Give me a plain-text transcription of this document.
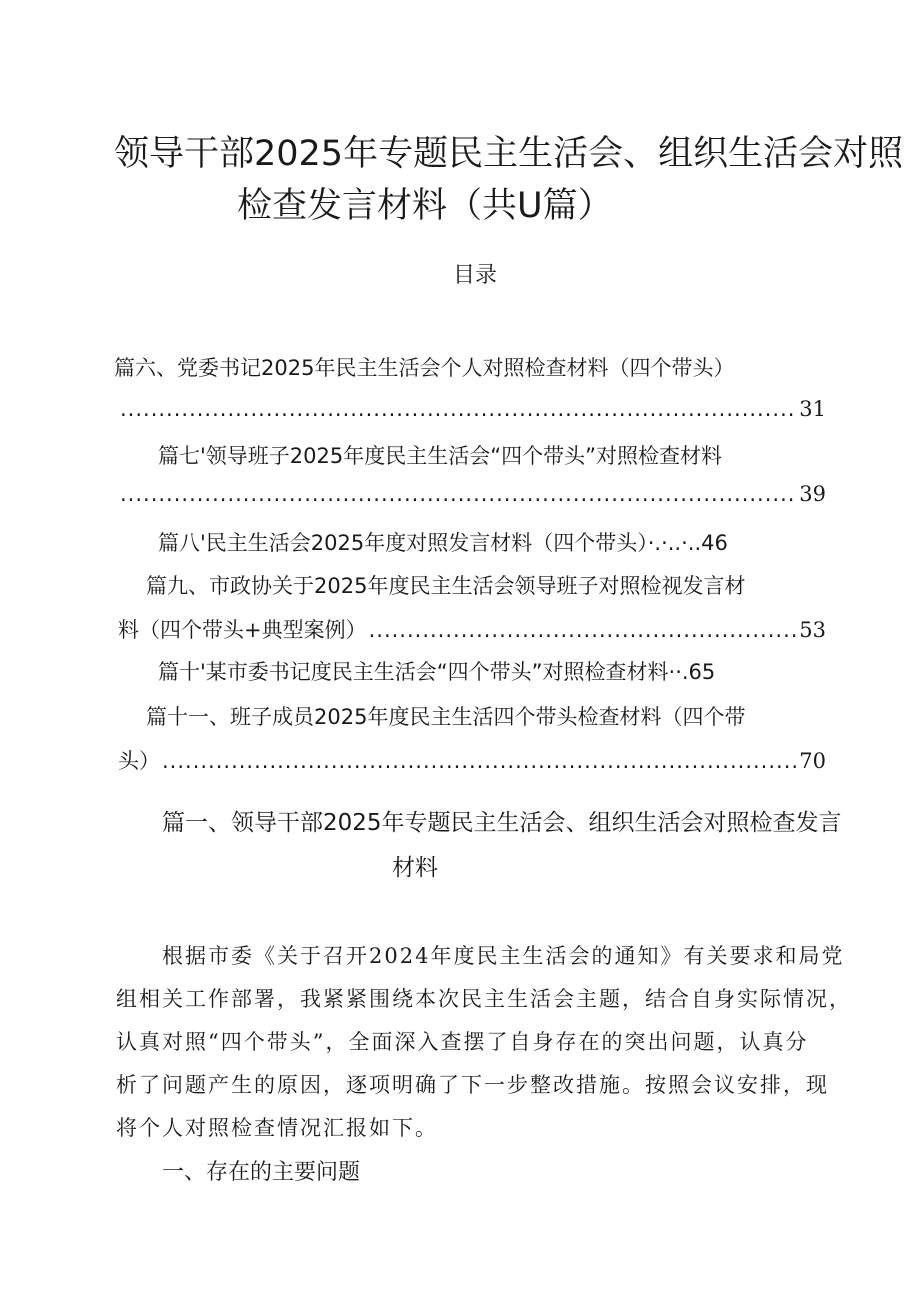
领导干部2025年专题民主生活会、组织生活会对照
检查发言材料（共U篇）
目录
篇六、党委书记2025年民主生活会个人对照检查材料（四个带头）
.....
31
篇七'领导班子2025年度民主生活会“四个带头”对照检查材料
.....
39
篇八'民主生活会2025年度对照发言材料（四个带头）·.·..·..46
篇九、市政协关于2025年度民主生活会领导班子对照检视发言材
料（四个带头+典型案例） .....	53
篇十'某市委书记度民主生活会“四个带头”对照检查材料··.65
篇十一、班子成员2025年度民主生活四个带头检查材料（四个带
头） .....	70
篇一、领导干部2025年专题民主生活会、组织生活会对照检查发言
材料
根据市委《关于召开2024年度民主生活会的通知》有关要求和局党
组相关工作部署，我紧紧围绕本次民主生活会主题，结合自身实际情况，
认真对照“四个带头”，全面深入查摆了自身存在的突出问题，认真分
析了问题产生的原因，逐项明确了下一步整改措施。按照会议安排，现
将个人对照检查情况汇报如下。
一、存在的主要问题
